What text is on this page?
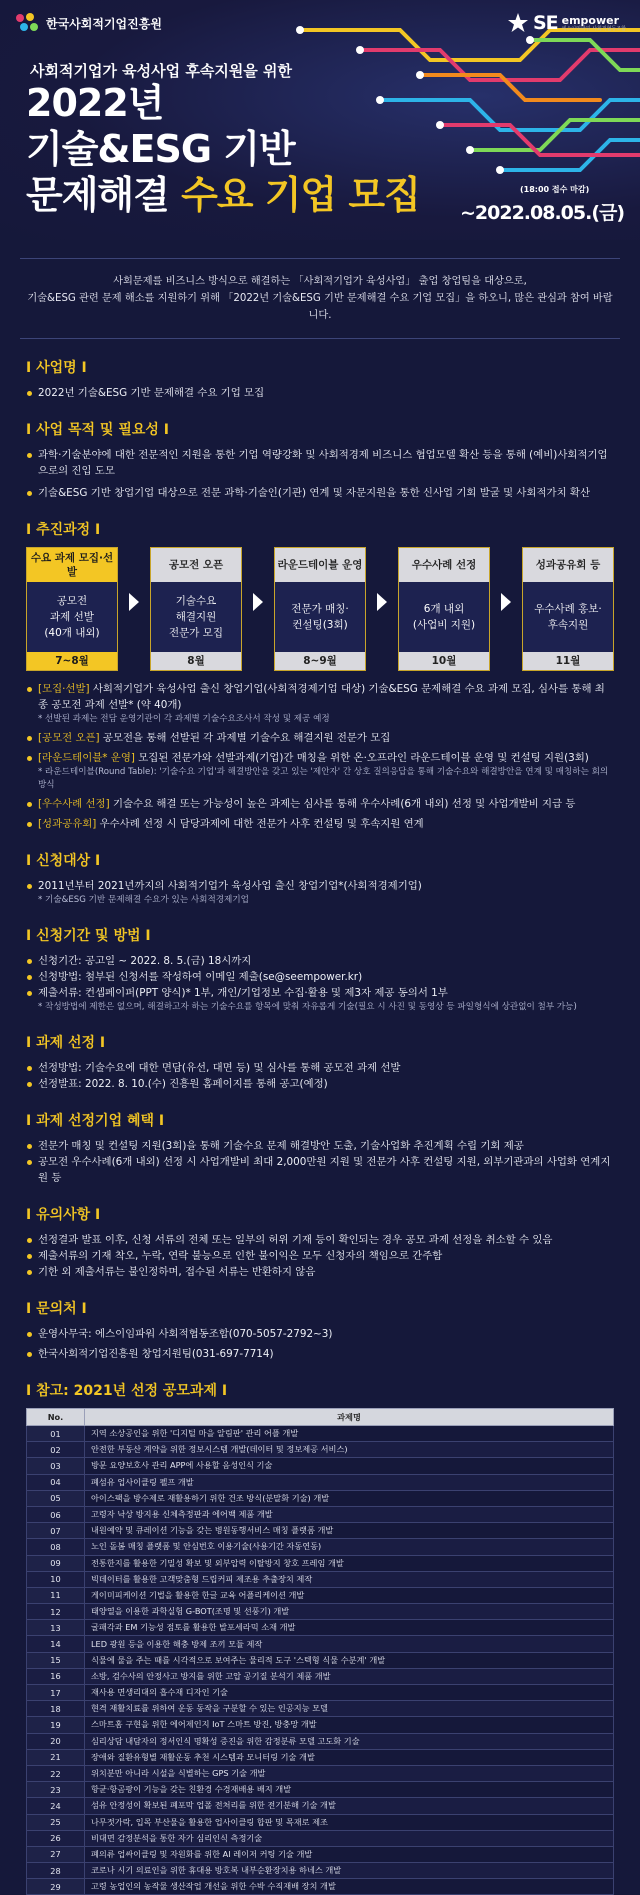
한국사회적기업진흥원	SE empower
에스이임파워 사회적협동조합
사회적기업가 육성사업 후속지원을 위한
2022년
기술&ESG 기반
문제해결 수요 기업 모집	(18:00 접수 마감)
~2022.08.05.(금)
사회문제를 비즈니스 방식으로 해결하는 「사회적기업가 육성사업」 출업 창업팀을 대상으로,
기술&ESG 관련 문제 해소를 지원하기 위해 「2022년 기술&ESG 기반 문제해결 수요 기업 모집」을 하오니, 많은 관심과 참여 바랍니다.
I 사업명 I
2022년 기술&ESG 기반 문제해결 수요 기업 모집
I 사업 목적 및 필요성 I
과학·기술분야에 대한 전문적인 지원을 통한 기업 역량강화 및 사회적경제 비즈니스 협업모델 확산 등을 통해 (예비)사회적기업으로의 진입 도모
기술&ESG 기반 창업기업 대상으로 전문 과학·기술인(기관) 연계 및 자문지원을 통한 신사업 기회 발굴 및 사회적가치 확산
I 추진과정 I
수요 과제 모집·선발
공모전
과제 선발
(40개 내외)
7~8월
공모전 오픈
기술수요
해결지원
전문가 모집
8월
라운드테이블 운영
전문가 매칭·
컨설팅(3회)
8~9월
우수사례 선정
6개 내외
(사업비 지원)
10월
성과공유회 등
우수사례 홍보·
후속지원
11월
[모집·선발] 사회적기업가 육성사업 출신 창업기업(사회적경제기업 대상) 기술&ESG 문제해결 수요 과제 모집, 심사를 통해 최종 공모전 과제 선발* (약 40개)
* 선발된 과제는 전담 운영기관이 각 과제별 기술수요조사서 작성 및 제공 예정
[공모전 오픈] 공모전을 통해 선발된 각 과제별 기술수요 해결지원 전문가 모집
[라운드테이블* 운영] 모집된 전문가와 선발과제(기업)간 매칭을 위한 온·오프라인 라운드테이블 운영 및 컨설팅 지원(3회)
* 라운드테이블(Round Table): '기술수요 기업'과 해결방안을 갖고 있는 '제안자' 간 상호 질의응답을 통해 기술수요와 해결방안을 연계 및 매칭하는 회의방식
[우수사례 선정] 기술수요 해결 또는 가능성이 높은 과제는 심사를 통해 우수사례(6개 내외) 선정 및 사업개발비 지급 등
[성과공유회] 우수사례 선정 시 담당과제에 대한 전문가 사후 컨설팅 및 후속지원 연계
I 신청대상 I
2011년부터 2021년까지의 사회적기업가 육성사업 출신 창업기업*(사회적경제기업)
* 기술&ESG 기반 문제해결 수요가 있는 사회적경제기업
I 신청기간 및 방법 I
신청기간: 공고일 ~ 2022. 8. 5.(금) 18시까지
신청방법: 첨부된 신청서를 작성하여 이메일 제출(se@seempower.kr)
제출서류: 컨셉페이퍼(PPT 양식)* 1부, 개인/기업정보 수집·활용 및 제3자 제공 동의서 1부
* 작성방법에 제한은 없으며, 해결하고자 하는 기술수요를 항목에 맞춰 자유롭게 기술(필요 시 사진 및 동영상 등 파일형식에 상관없이 첨부 가능)
I 과제 선정 I
선정방법: 기술수요에 대한 면담(유선, 대면 등) 및 심사를 통해 공모전 과제 선발
선정발표: 2022. 8. 10.(수) 진흥원 홈페이지를 통해 공고(예정)
I 과제 선정기업 혜택 I
전문가 매칭 및 컨설팅 지원(3회)을 통해 기술수요 문제 해결방안 도출, 기술사업화 추진계획 수립 기회 제공
공모전 우수사례(6개 내외) 선정 시 사업개발비 최대 2,000만원 지원 및 전문가 사후 컨설팅 지원, 외부기관과의 사업화 연계지원 등
I 유의사항 I
선정결과 발표 이후, 신청 서류의 전체 또는 일부의 허위 기재 등이 확인되는 경우 공모 과제 선정을 취소할 수 있음
제출서류의 기재 착오, 누락, 연락 불능으로 인한 불이익은 모두 신청자의 책임으로 간주함
기한 외 제출서류는 불인정하며, 접수된 서류는 반환하지 않음
I 문의처 I
운영사무국: 에스이임파워 사회적협동조합(070-5057-2792~3)
한국사회적기업진흥원 창업지원팀(031-697-7714)
I 참고: 2021년 선정 공모과제 I
No.	과제명
01	지역 소상공인을 위한 '디지털 마을 알림판' 관리 어플 개발
02	안전한 부동산 계약을 위한 정보시스템 개발(데이터 및 정보제공 서비스)
03	방문 요양보호사 관리 APP에 사용할 음성인식 기술
04	폐섬유 업사이클링 펠프 개발
05	아이스팩을 방수제로 재활용하기 위한 건조 방식(분말화 기술) 개발
06	고령자 낙상 방지용 신체측정판과 에어백 제품 개발
07	내원예약 및 큐레이션 기능을 갖는 병원동행서비스 매칭 플랫폼 개발
08	노인 돌봄 매칭 플랫폼 및 안심번호 이용기술(사용기간 자동연동)
09	전통한지를 활용한 기밀성 확보 및 외부압력 이탈방지 창호 프레임 개발
10	빅데이터를 활용한 고객맞춤형 드립커피 제조용 추출장치 제작
11	게이미피케이션 기법을 활용한 한글 교육 어플리케이션 개발
12	태양열을 이용한 과학실험 G-BOT(조명 및 선풍기) 개발
13	굴패각과 EM 기능성 점토를 활용한 발포세라믹 소재 개발
14	LED 광원 등을 이용한 해충 방제 조끼 모듈 제작
15	식물에 물을 주는 때를 시각적으로 보여주는 물리적 도구 '스텍형 식물 수분계' 개발
16	소방, 검수사의 안정사고 방지를 위한 고압 공기질 분석기 제품 개발
17	재사용 면생리대의 흡수재 디자인 기술
18	현격 재활치료를 위하여 운동 동작을 구분할 수 있는 인공지능 모델
19	스마트홈 구현을 위한 에어제인지 IoT 스마트 방진, 방충망 개발
20	심리상담 내담자의 정서인식 명확성 증진을 위한 감정분류 모델 고도화 기술
21	장애와 질환유형별 재활운동 추천 시스템과 모니터링 기술 개발
22	위치분만 아니라 시설을 식별하는 GPS 기술 개발
23	항균·항곰팡이 기능을 갖는 친환경 수경재배용 배지 개발
24	섬유 안정성이 확보된 폐포막 업폴 전처리를 위한 전기분해 기술 개발
25	나무젓가락, 입목 부산물을 활용한 업사이클링 합판 및 목재로 제조
26	비대면 감정분석을 통한 자가 심리인식 측정기술
27	폐의류 업싸이클링 및 자원화를 위한 AI 레이저 커팅 기술 개발
28	코로나 시기 의료인을 위한 휴대용 방호복 내부순환장치용 하네스 개발
29	고령 농업인의 농작물 생산작업 개선을 위한 수박 수직재배 장치 개발
